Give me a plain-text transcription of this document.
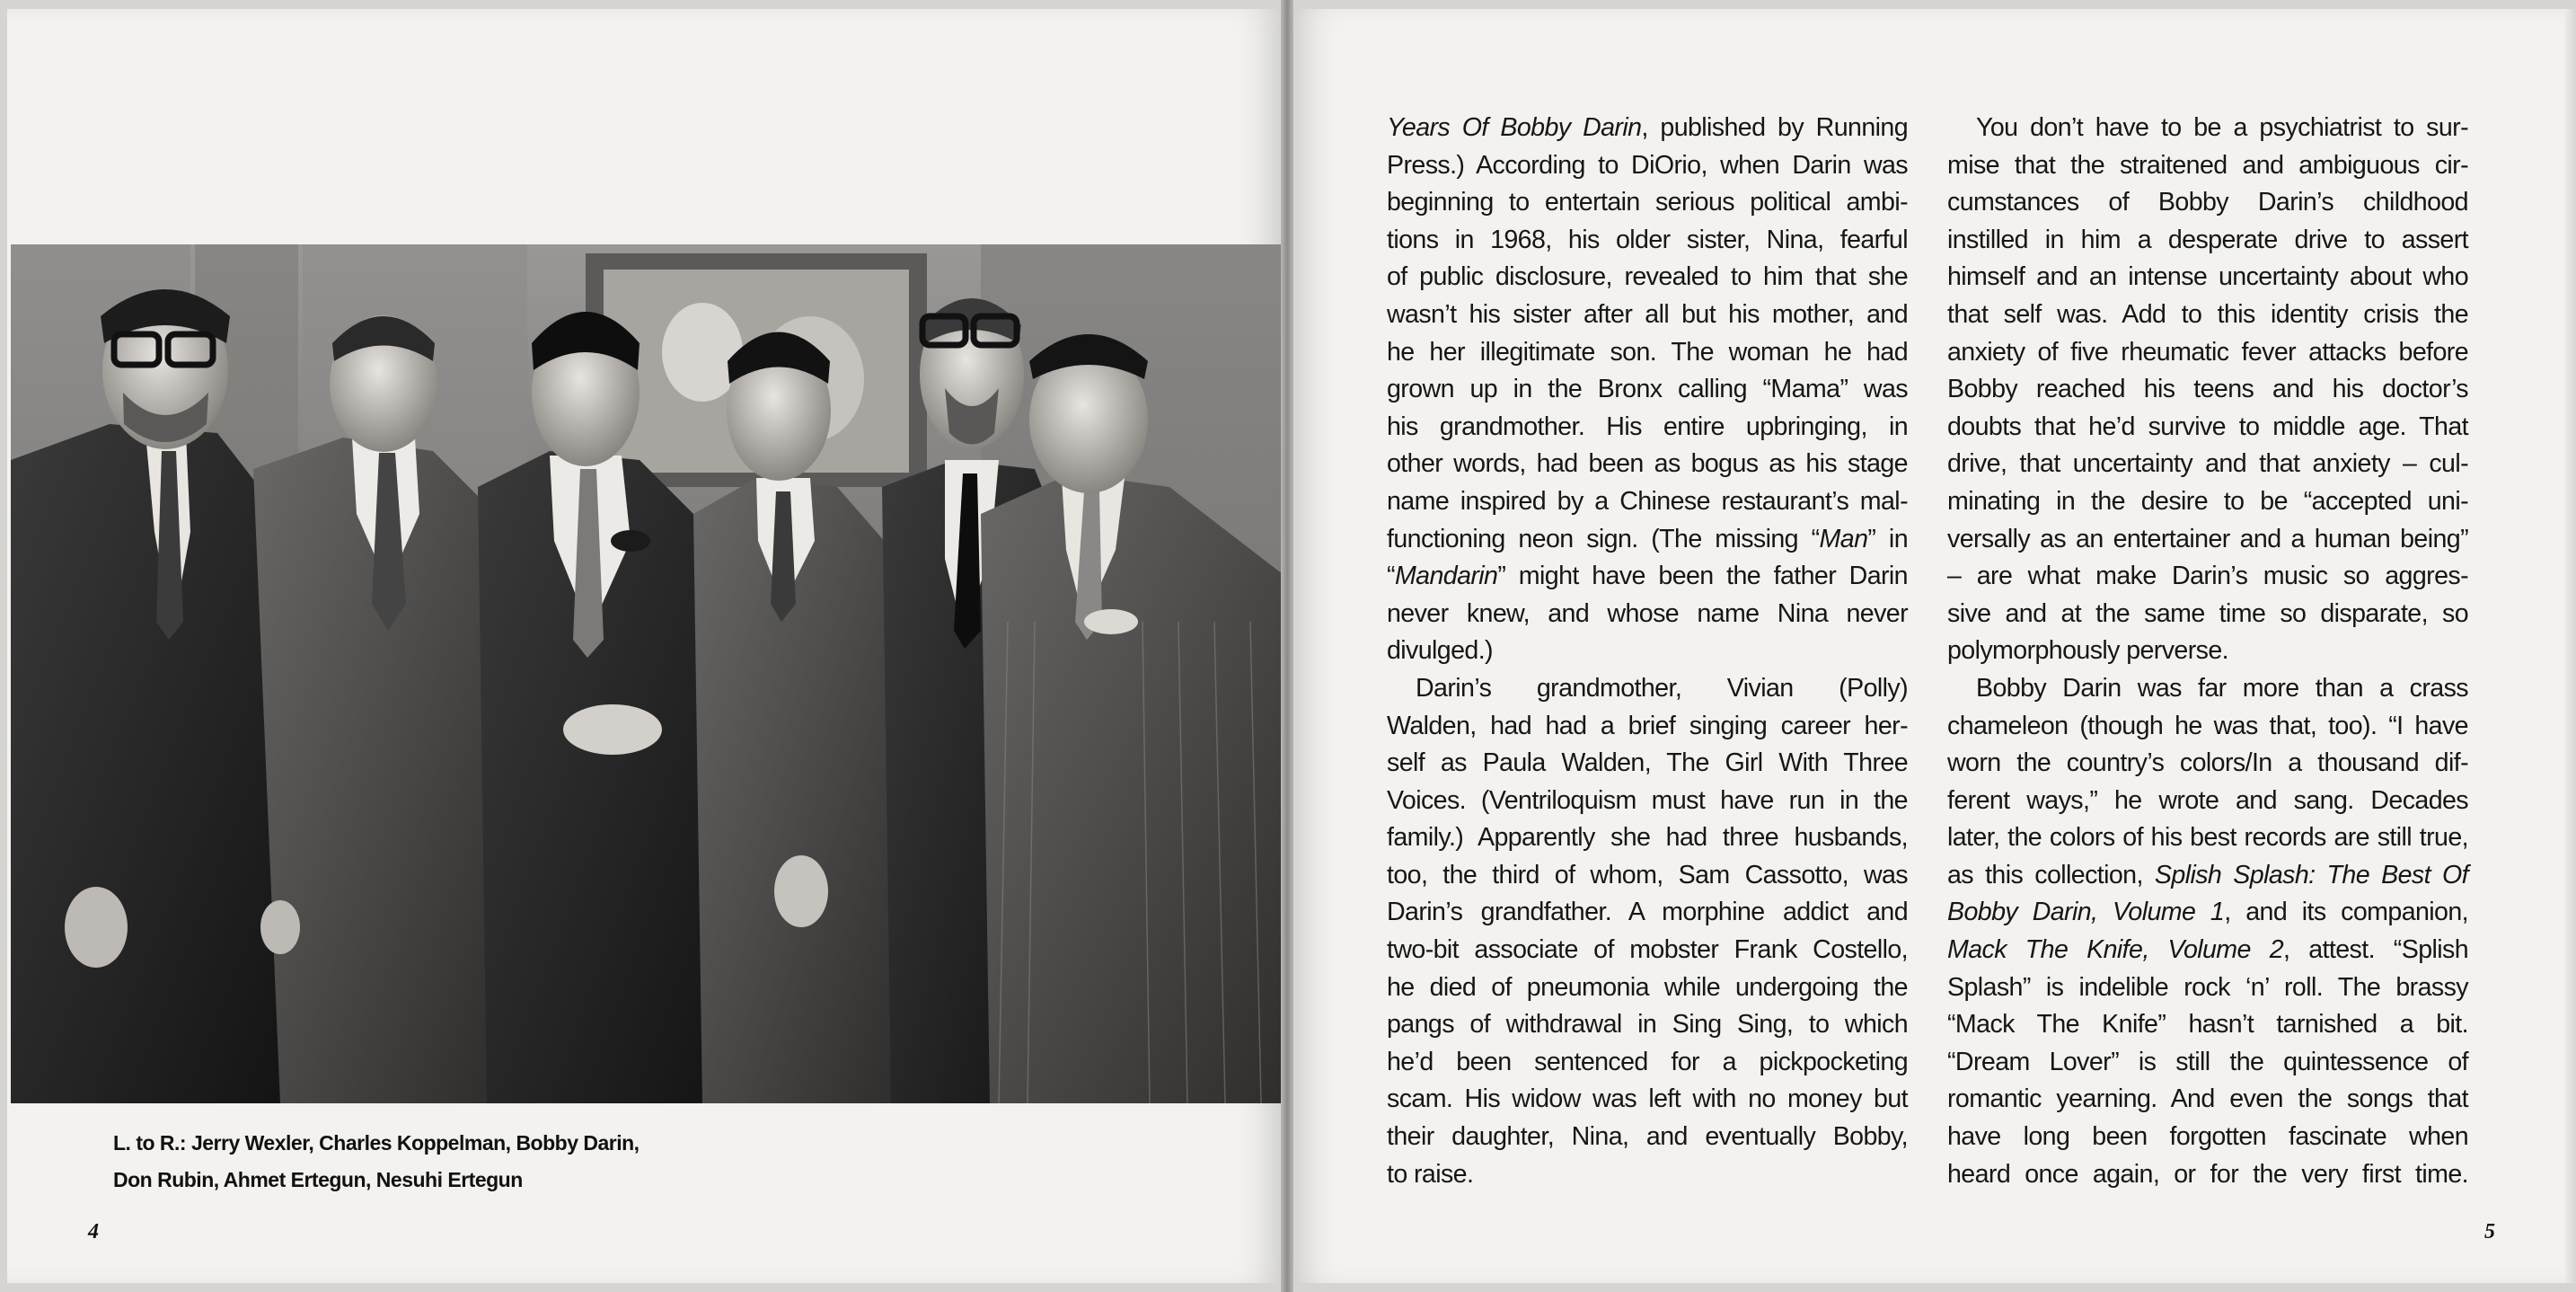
L. to R.: Jerry Wexler, Charles Koppelman, Bobby Darin,
Don Rubin, Ahmet Ertegun, Nesuhi Ertegun
4
Years Of Bobby Darin, published by Running
Press.) According to DiOrio, when Darin was
beginning to entertain serious political ambi-
tions in 1968, his older sister, Nina, fearful
of public disclosure, revealed to him that she
wasn’t his sister after all but his mother, and
he her illegitimate son. The woman he had
grown up in the Bronx calling “Mama” was
his grandmother. His entire upbringing, in
other words, had been as bogus as his stage
name inspired by a Chinese restaurant’s mal-
functioning neon sign. (The missing “Man” in
“Mandarin” might have been the father Darin
never knew, and whose name Nina never
divulged.)
Darin’s grandmother, Vivian (Polly)
Walden, had had a brief singing career her-
self as Paula Walden, The Girl With Three
Voices. (Ventriloquism must have run in the
family.) Apparently she had three husbands,
too, the third of whom, Sam Cassotto, was
Darin’s grandfather. A morphine addict and
two-bit associate of mobster Frank Costello,
he died of pneumonia while undergoing the
pangs of withdrawal in Sing Sing, to which
he’d been sentenced for a pickpocketing
scam. His widow was left with no money but
their daughter, Nina, and eventually Bobby,
to raise.
You don’t have to be a psychiatrist to sur-
mise that the straitened and ambiguous cir-
cumstances of Bobby Darin’s childhood
instilled in him a desperate drive to assert
himself and an intense uncertainty about who
that self was. Add to this identity crisis the
anxiety of five rheumatic fever attacks before
Bobby reached his teens and his doctor’s
doubts that he’d survive to middle age. That
drive, that uncertainty and that anxiety – cul-
minating in the desire to be “accepted uni-
versally as an entertainer and a human being”
– are what make Darin’s music so aggres-
sive and at the same time so disparate, so
polymorphously perverse.
Bobby Darin was far more than a crass
chameleon (though he was that, too). “I have
worn the country’s colors/In a thousand dif-
ferent ways,” he wrote and sang. Decades
later, the colors of his best records are still true,
as this collection, Splish Splash: The Best Of
Bobby Darin, Volume 1, and its companion,
Mack The Knife, Volume 2, attest. “Splish
Splash” is indelible rock ‘n’ roll. The brassy
“Mack The Knife” hasn’t tarnished a bit.
“Dream Lover” is still the quintessence of
romantic yearning. And even the songs that
have long been forgotten fascinate when
heard once again, or for the very first time.
5
